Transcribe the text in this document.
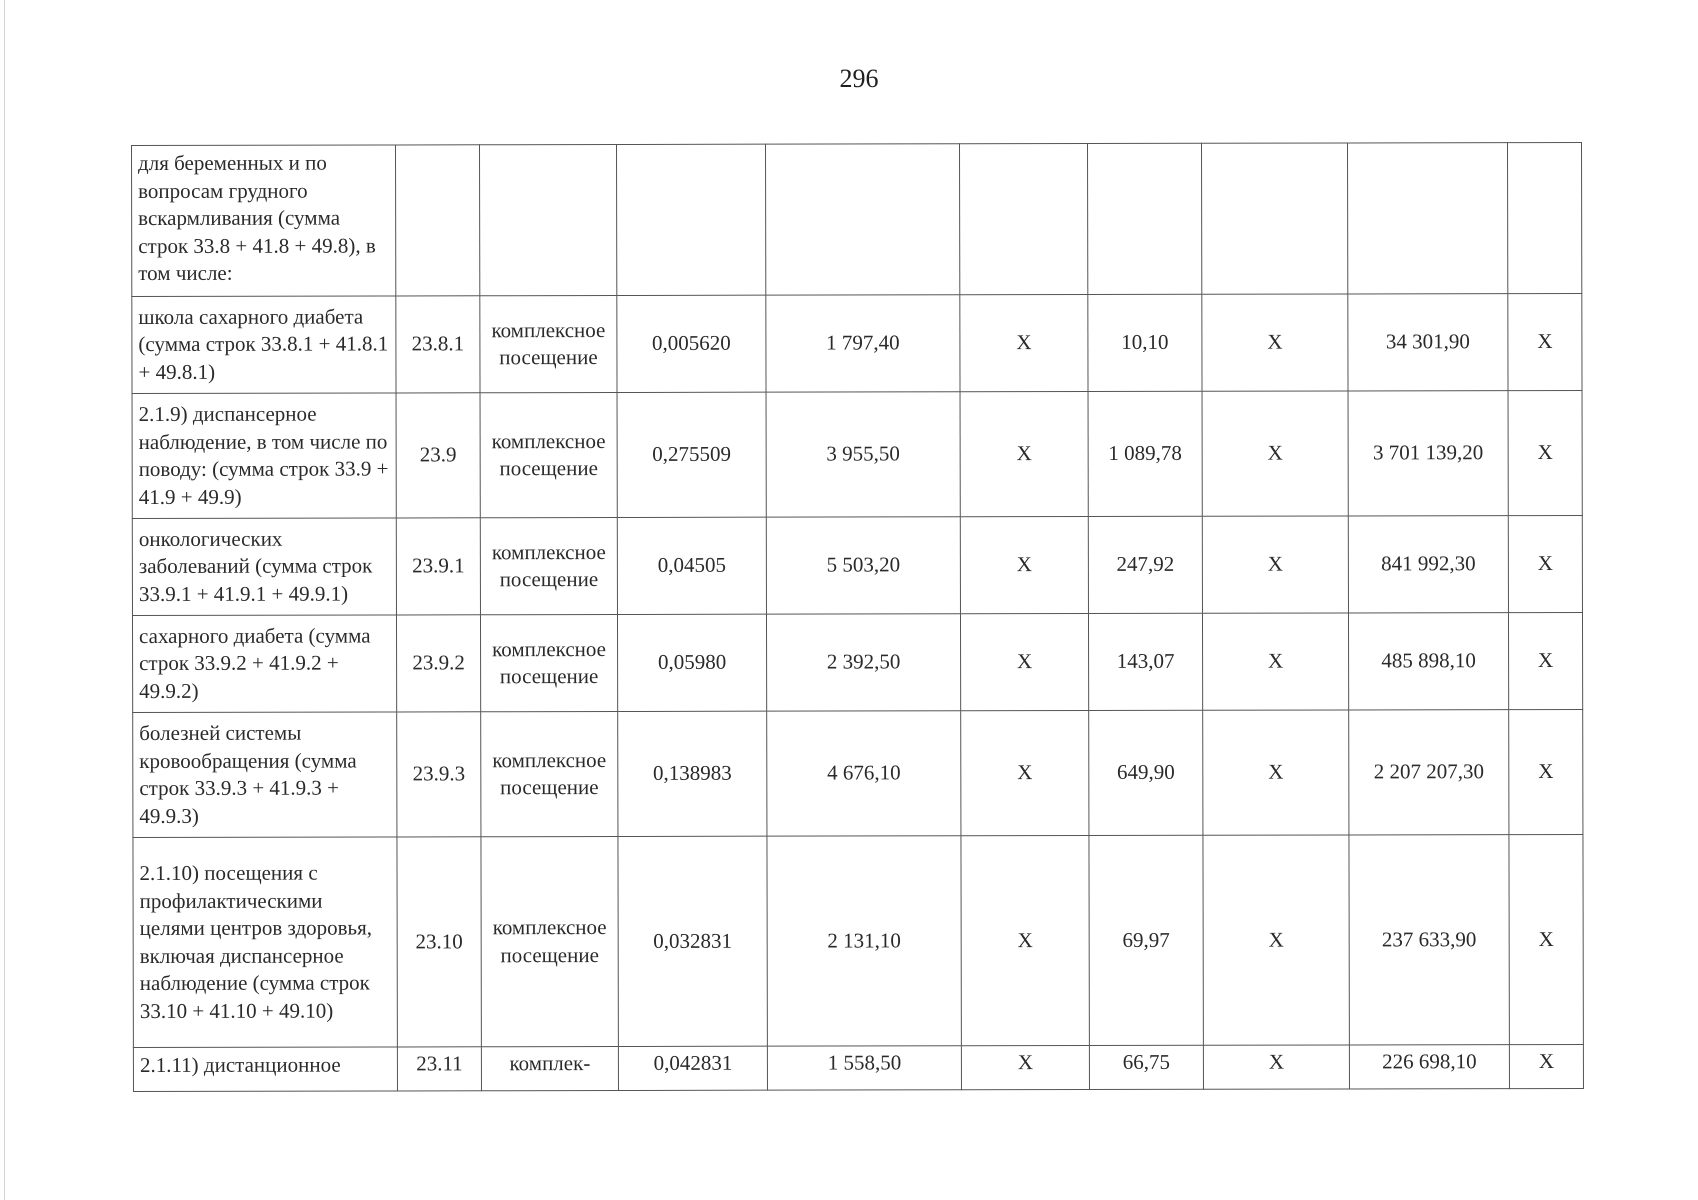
296
для беременных и по вопросам грудного вскармливания (сумма строк 33.8 + 41.8 + 49.8), в том числе:									
школа сахарного диабета (сумма строк 33.8.1 + 41.8.1 + 49.8.1)	23.8.1	комплексное посещение	0,005620	1 797,40	X	10,10	X	34 301,90	X
2.1.9) диспансерное наблюдение, в том числе по поводу: (сумма строк 33.9 + 41.9 + 49.9)	23.9	комплексное посещение	0,275509	3 955,50	X	1 089,78	X	3 701 139,20	X
онкологических заболеваний (сумма строк 33.9.1 + 41.9.1 + 49.9.1)	23.9.1	комплексное посещение	0,04505	5 503,20	X	247,92	X	841 992,30	X
сахарного диабета (сумма строк 33.9.2 + 41.9.2 + 49.9.2)	23.9.2	комплексное посещение	0,05980	2 392,50	X	143,07	X	485 898,10	X
болезней системы кровообращения (сумма строк 33.9.3 + 41.9.3 + 49.9.3)	23.9.3	комплексное посещение	0,138983	4 676,10	X	649,90	X	2 207 207,30	X
2.1.10) посещения с профилактическими целями центров здоровья, включая диспансерное наблюдение (сумма строк 33.10 + 41.10 + 49.10)	23.10	комплексное посещение	0,032831	2 131,10	X	69,97	X	237 633,90	X
2.1.11) дистанционное	23.11	комплек-	0,042831	1 558,50	X	66,75	X	226 698,10	X
